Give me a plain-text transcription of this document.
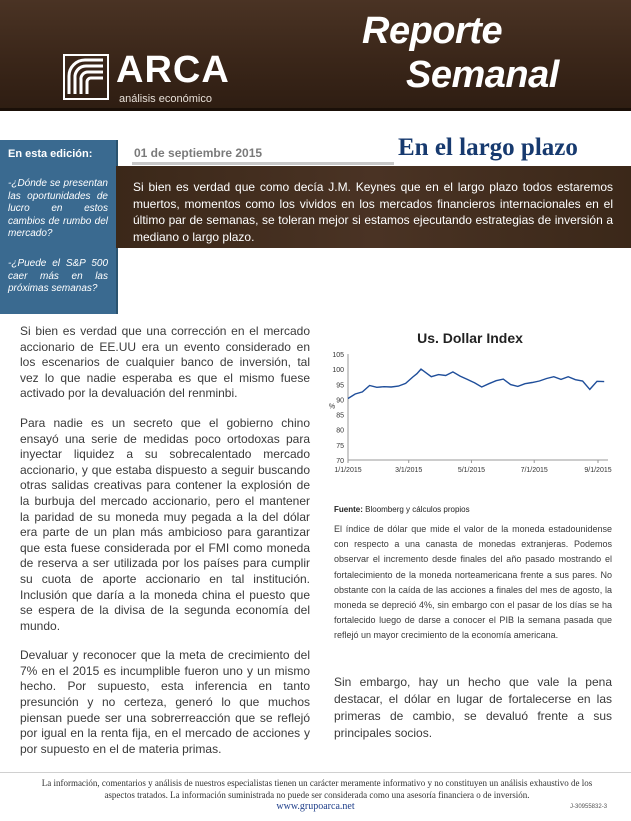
ARCA
análisis económico
Reporte
Semanal
En esta edición:
-¿Dónde se presentan las oportunidades de lucro en estos cambios de rumbo del mercado?
-¿Puede el S&P 500 caer más en las próximas semanas?
01 de septiembre 2015	En el largo plazo

Si bien es verdad que como decía J.M. Keynes que en el largo plazo todos estaremos muertos, momentos como los vividos en los mercados financieros internacionales en el último par de semanas, se toleran mejor si estamos ejecutando estrategias de inversión a mediano o largo plazo.

Si bien es verdad que una corrección en el mercado accionario de EE.UU era un evento considerado en los escenarios de cualquier banco de inversión, tal vez lo que nadie esperaba es que el mismo fuese activado por la devaluación del renminbi.

Para nadie es un secreto que el gobierno chino ensayó una serie de medidas poco ortodoxas para inyectar liquidez a su sobrecalentado mercado accionario, y que estaba dispuesto a seguir buscando otras salidas creativas para contener la explosión de la burbuja del mercado accionario, pero el mantener la paridad de su moneda muy pegada a la del dólar era parte de un plan más ambicioso para garantizar que esta fuese considerada por el FMI como moneda de reserva a ser utilizada por los países para cumplir su cuota de aporte accionario en tal institución. Inclusión que daría a la moneda china el puesto que se espera de la divisa de la segunda economía del mundo.

Devaluar y reconocer que la meta de crecimiento del 7% en el 2015 es incumplible fueron uno y un mismo hecho. Por supuesto, esta inferencia en tanto presunción y no certeza, generó lo que muchos piensan puede ser una sobrerreacción que se reflejó por igual en la renta fija, en el mercado de acciones y por supuesto en el de materia primas.

Us. Dollar Index
70
75
80
85
90
95
100
105
1/1/2015	3/1/2015	5/1/2015	7/1/2015	9/1/2015
%
Fuente: Bloomberg y cálculos propios

El índice de dólar que mide el valor de la moneda estadounidense con respecto a una canasta de monedas extranjeras. Podemos observar el incremento desde finales del año pasado mostrando el fortalecimiento de la moneda norteamericana frente a sus pares. No obstante con la caída de las acciones a finales del mes de agosto, la moneda se depreció 4%, sin embargo con el pasar de los días se ha fortalecido luego de darse a conocer el PIB la semana pasada que reflejó un mayor crecimiento de la economía americana.

Sin embargo, hay un hecho que vale la pena destacar, el dólar en lugar de fortalecerse en las primeras de cambio, se devaluó frente a sus principales socios.

La información, comentarios y análisis de nuestros especialistas tienen un carácter meramente informativo y no constituyen un análisis exhaustivo de los aspectos tratados. La información suministrada no puede ser considerada como una asesoría financiera o de inversión.
www.grupoarca.net	J-30955832-3
